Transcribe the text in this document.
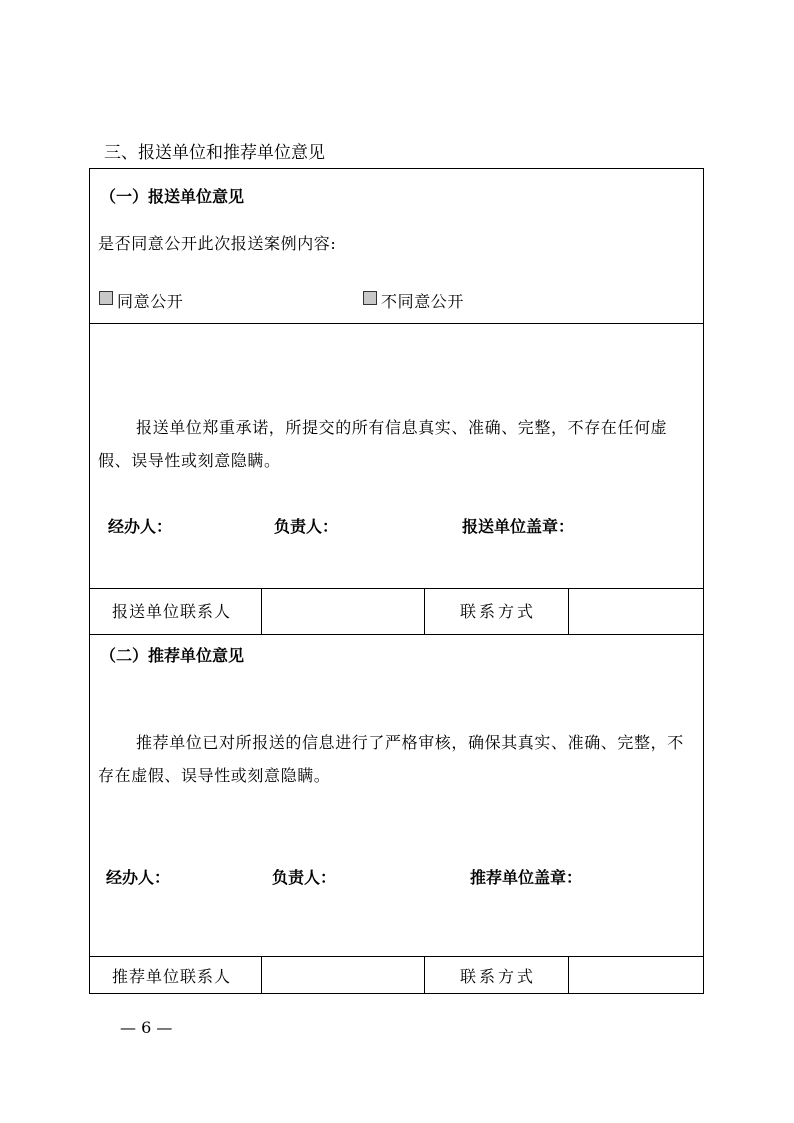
三、报送单位和推荐单位意见
（一）报送单位意见
是否同意公开此次报送案例内容:
同意公开	不同意公开
报送单位郑重承诺，所提交的所有信息真实、准确、完整，不存在任何虚假、误导性或刻意隐瞒。
经办人：	负责人：	报送单位盖章：
报送单位联系人	联系方式
（二）推荐单位意见
推荐单位已对所报送的信息进行了严格审核，确保其真实、准确、完整，不存在虚假、误导性或刻意隐瞒。
经办人：	负责人：	推荐单位盖章：
推荐单位联系人	联系方式
— 6 —
